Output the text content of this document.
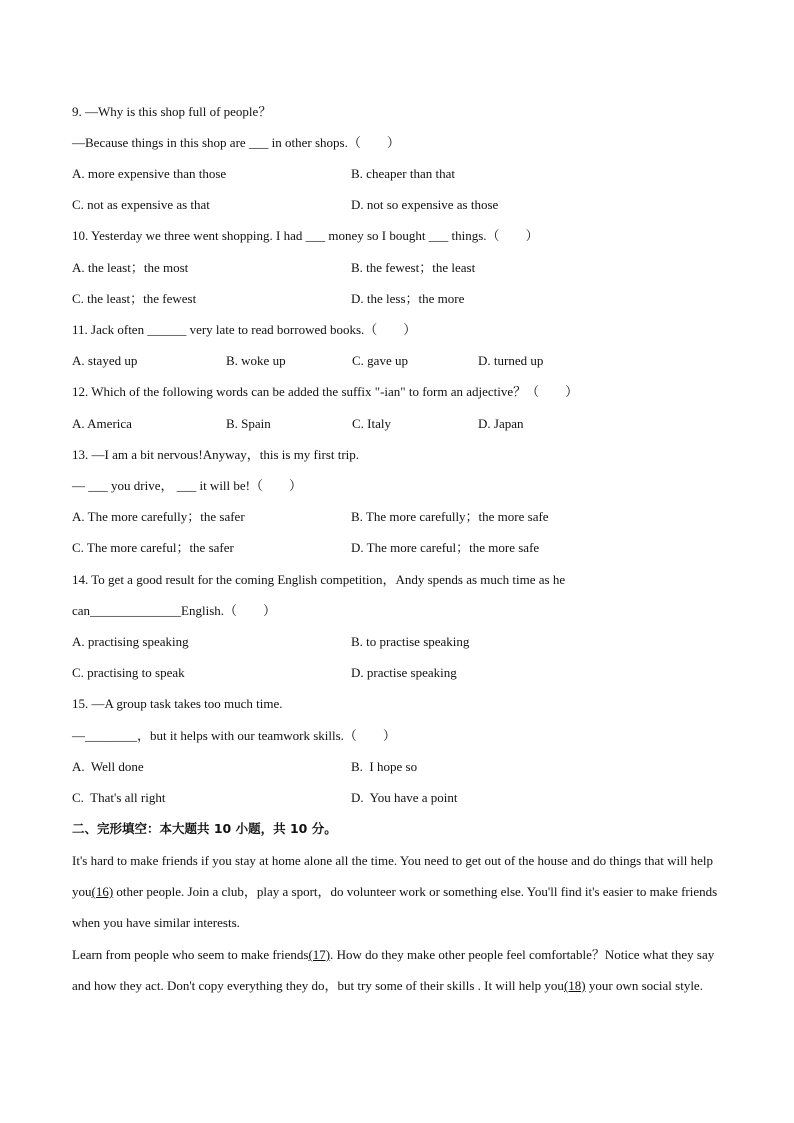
9. —Why is this shop full of people？
—Because things in this shop are ___ in other shops.（　　）
A. more expensive than those	B. cheaper than that
C. not as expensive as that	D. not so expensive as those
10. Yesterday we three went shopping. I had ___ money so I bought ___ things.（　　）
A. the least；the most	B. the fewest；the least
C. the least；the fewest	D. the less；the more
11. Jack often ______ very late to read borrowed books.（　　）
A. stayed up	B. woke up	C. gave up	D. turned up
12. Which of the following words can be added the suffix "-ian" to form an adjective？（　　）
A. America	B. Spain	C. Italy	D. Japan
13. —I am a bit nervous!Anyway，this is my first trip.
— ___ you drive， ___ it will be!（　　）
A. The more carefully；the safer	B. The more carefully；the more safe
C. The more careful；the safer	D. The more careful；the more safe
14. To get a good result for the coming English competition，Andy spends as much time as he
can______________English.（　　）
A. practising speaking	B. to practise speaking
C. practising to speak	D. practise speaking
15. —A group task takes too much time.
—________，but it helps with our teamwork skills.（　　）
A.  Well done	B.  I hope so
C.  That's all right	D.  You have a point
二、完形填空：本大题共 10 小题，共 10 分。
It's hard to make friends if you stay at home alone all the time. You need to get out of the house and do things that will help you(16) other people. Join a club，play a sport，do volunteer work or something else. You'll find it's easier to make friends when you have similar interests.
Learn from people who seem to make friends(17). How do they make other people feel comfortable？Notice what they say and how they act. Don't copy everything they do，but try some of their skills . It will help you(18) your own social style.
